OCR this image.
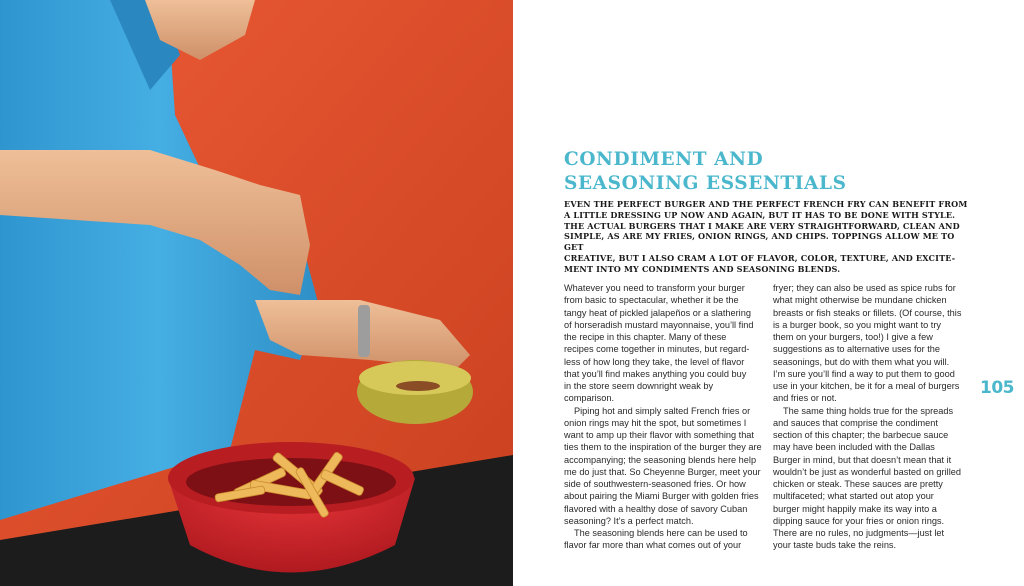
CONDIMENT AND
SEASONING ESSENTIALS

EVEN THE PERFECT BURGER AND THE PERFECT FRENCH FRY CAN BENEFIT FROM
A LITTLE DRESSING UP NOW AND AGAIN, BUT IT HAS TO BE DONE WITH STYLE.
THE ACTUAL BURGERS THAT I MAKE ARE VERY STRAIGHTFORWARD, CLEAN AND
SIMPLE, AS ARE MY FRIES, ONION RINGS, AND CHIPS. TOPPINGS ALLOW ME TO GET
CREATIVE, BUT I ALSO CRAM A LOT OF FLAVOR, COLOR, TEXTURE, AND EXCITE-
MENT INTO MY CONDIMENTS AND SEASONING BLENDS.

Whatever you need to transform your burger
from basic to spectacular, whether it be the
tangy heat of pickled jalapeños or a slathering
of horseradish mustard mayonnaise, you’ll find
the recipe in this chapter. Many of these
recipes come together in minutes, but regard-
less of how long they take, the level of flavor
that you’ll find makes anything you could buy
in the store seem downright weak by
comparison.
Piping hot and simply salted French fries or
onion rings may hit the spot, but sometimes I
want to amp up their flavor with something that
ties them to the inspiration of the burger they are
accompanying; the seasoning blends here help
me do just that. So Cheyenne Burger, meet your
side of southwestern-seasoned fries. Or how
about pairing the Miami Burger with golden fries
flavored with a healthy dose of savory Cuban
seasoning? It’s a perfect match.
The seasoning blends here can be used to
flavor far more than what comes out of your
fryer; they can also be used as spice rubs for
what might otherwise be mundane chicken
breasts or fish steaks or fillets. (Of course, this
is a burger book, so you might want to try
them on your burgers, too!) I give a few
suggestions as to alternative uses for the
seasonings, but do with them what you will.
I’m sure you’ll find a way to put them to good
use in your kitchen, be it for a meal of burgers
and fries or not.
The same thing holds true for the spreads
and sauces that comprise the condiment
section of this chapter; the barbecue sauce
may have been included with the Dallas
Burger in mind, but that doesn’t mean that it
wouldn’t be just as wonderful basted on grilled
chicken or steak. These sauces are pretty
multifaceted; what started out atop your
burger might happily make its way into a
dipping sauce for your fries or onion rings.
There are no rules, no judgments—just let
your taste buds take the reins.
105
